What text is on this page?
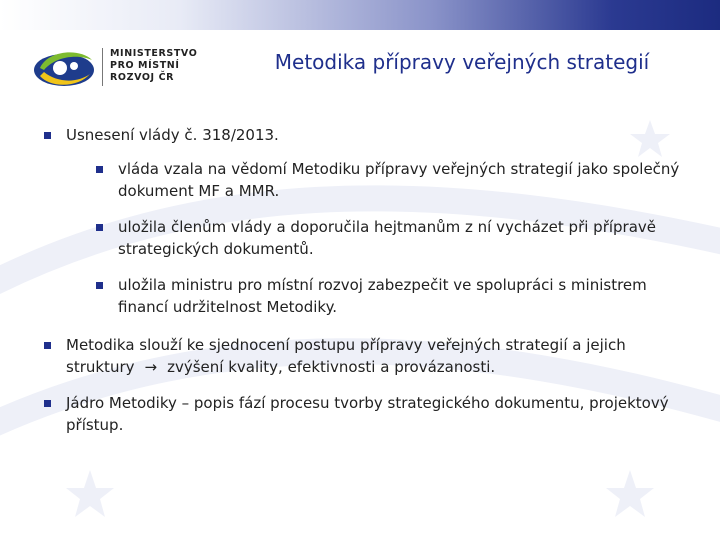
MINISTERSTVO
PRO MÍSTNÍ
ROZVOJ ČR
Metodika přípravy veřejných strategií
Usnesení vlády č. 318/2013.
vláda vzala na vědomí Metodiku přípravy veřejných strategií jako společný dokument MF a MMR.
uložila členům vlády a doporučila hejtmanům z ní vycházet při přípravě strategických dokumentů.
uložila ministru pro místní rozvoj zabezpečit ve spolupráci s ministrem financí udržitelnost Metodiky.
Metodika slouží ke sjednocení postupu přípravy veřejných strategií a jejich struktury → zvýšení kvality, efektivnosti a provázanosti.
Jádro Metodiky – popis fází procesu tvorby strategického dokumentu, projektový přístup.
